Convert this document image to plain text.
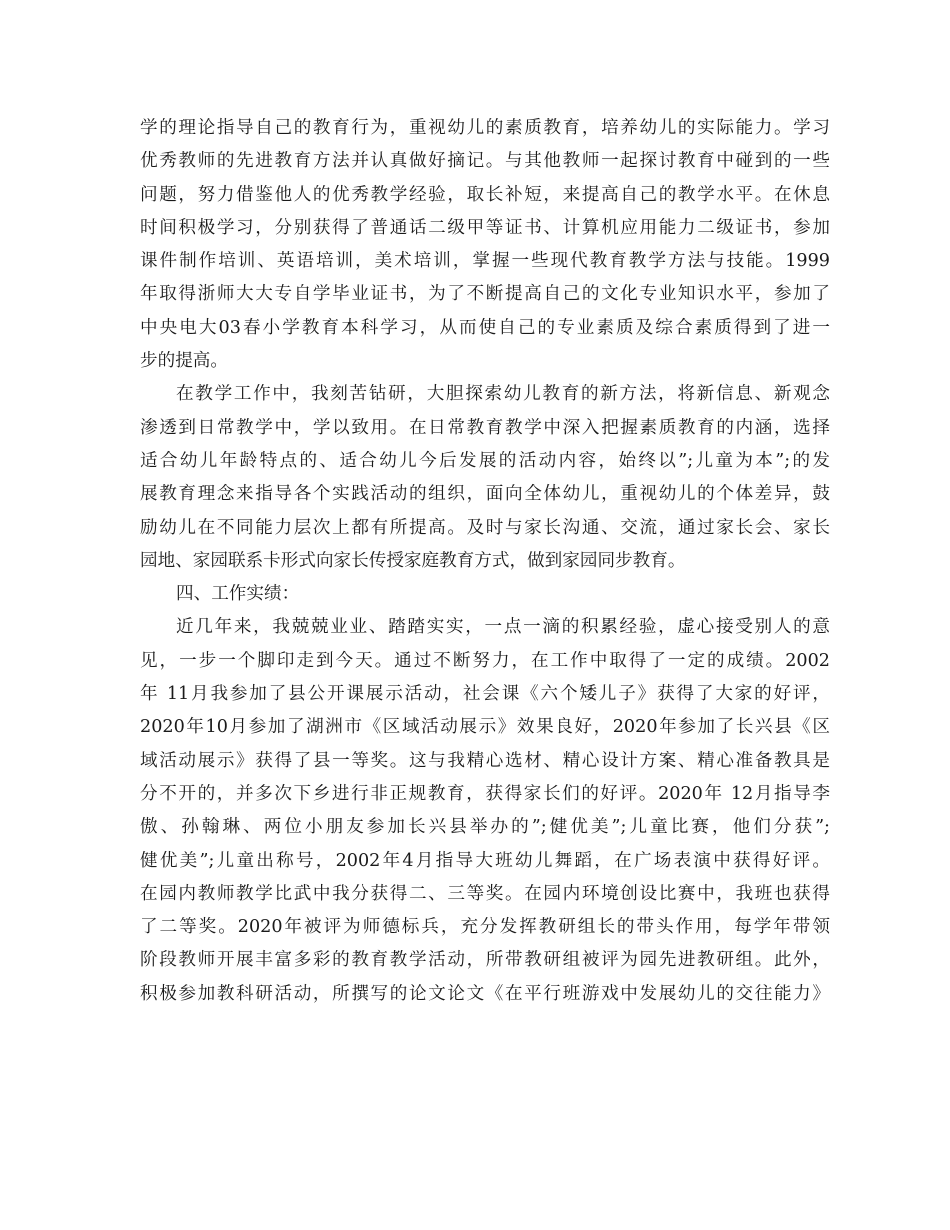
学的理论指导自己的教育行为，重视幼儿的素质教育，培养幼儿的实际能力。学习
优秀教师的先进教育方法并认真做好摘记。与其他教师一起探讨教育中碰到的一些
问题，努力借鉴他人的优秀教学经验，取长补短，来提高自己的教学水平。在休息
时间积极学习，分别获得了普通话二级甲等证书、计算机应用能力二级证书，参加
课件制作培训、英语培训，美术培训，掌握一些现代教育教学方法与技能。1999
年取得浙师大大专自学毕业证书，为了不断提高自己的文化专业知识水平，参加了
中央电大03春小学教育本科学习，从而使自己的专业素质及综合素质得到了进一
步的提高。
在教学工作中，我刻苦钻研，大胆探索幼儿教育的新方法，将新信息、新观念
渗透到日常教学中，学以致用。在日常教育教学中深入把握素质教育的内涵，选择
适合幼儿年龄特点的、适合幼儿今后发展的活动内容，始终以”;儿童为本”;的发
展教育理念来指导各个实践活动的组织，面向全体幼儿，重视幼儿的个体差异，鼓
励幼儿在不同能力层次上都有所提高。及时与家长沟通、交流，通过家长会、家长
园地、家园联系卡形式向家长传授家庭教育方式，做到家园同步教育。
四、工作实绩：
近几年来，我兢兢业业、踏踏实实，一点一滴的积累经验，虚心接受别人的意
见，一步一个脚印走到今天。通过不断努力，在工作中取得了一定的成绩。2002
年 11月我参加了县公开课展示活动，社会课《六个矮儿子》获得了大家的好评，
2020年10月参加了湖洲市《区域活动展示》效果良好，2020年参加了长兴县《区
域活动展示》获得了县一等奖。这与我精心选材、精心设计方案、精心准备教具是
分不开的，并多次下乡进行非正规教育，获得家长们的好评。2020年 12月指导李
傲、孙翰琳、两位小朋友参加长兴县举办的”;健优美”;儿童比赛，他们分获”;
健优美”;儿童出称号，2002年4月指导大班幼儿舞蹈，在广场表演中获得好评。
在园内教师教学比武中我分获得二、三等奖。在园内环境创设比赛中，我班也获得
了二等奖。2020年被评为师德标兵，充分发挥教研组长的带头作用，每学年带领
阶段教师开展丰富多彩的教育教学活动，所带教研组被评为园先进教研组。此外，
积极参加教科研活动，所撰写的论文论文《在平行班游戏中发展幼儿的交往能力》
